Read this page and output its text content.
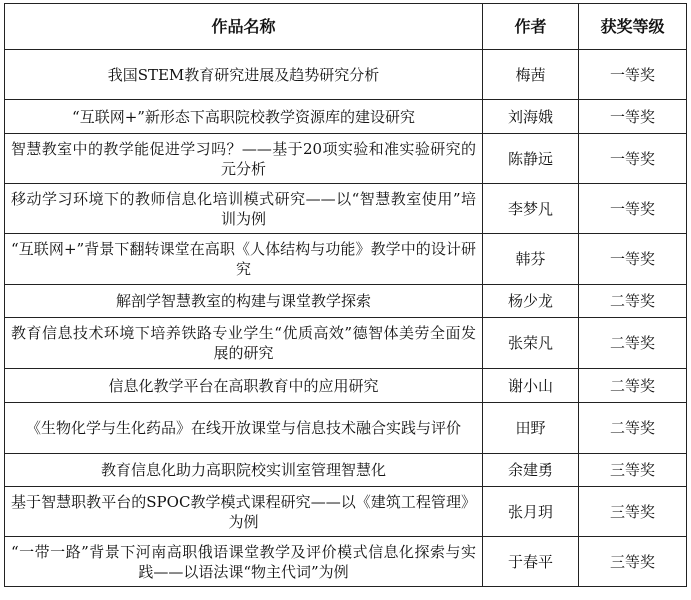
作品名称	作者	获奖等级
我国STEM教育研究进展及趋势研究分析	梅茜	一等奖
“互联网+”新形态下高职院校教学资源库的建设研究	刘海娥	一等奖
智慧教室中的教学能促进学习吗？——基于20项实验和准实验研究的元分析	陈静远	一等奖
移动学习环境下的教师信息化培训模式研究——以“智慧教室使用”培训为例	李梦凡	一等奖
“互联网+”背景下翻转课堂在高职《人体结构与功能》教学中的设计研究	韩芬	一等奖
解剖学智慧教室的构建与课堂教学探索	杨少龙	二等奖
教育信息技术环境下培养铁路专业学生“优质高效”德智体美劳全面发展的研究	张荣凡	二等奖
信息化教学平台在高职教育中的应用研究	谢小山	二等奖
《生物化学与生化药品》在线开放课堂与信息技术融合实践与评价	田野	二等奖
教育信息化助力高职院校实训室管理智慧化	余建勇	三等奖
基于智慧职教平台的SPOC教学模式课程研究——以《建筑工程管理》为例	张月玥	三等奖
“一带一路”背景下河南高职俄语课堂教学及评价模式信息化探索与实践——以语法课“物主代词”为例	于春平	三等奖
